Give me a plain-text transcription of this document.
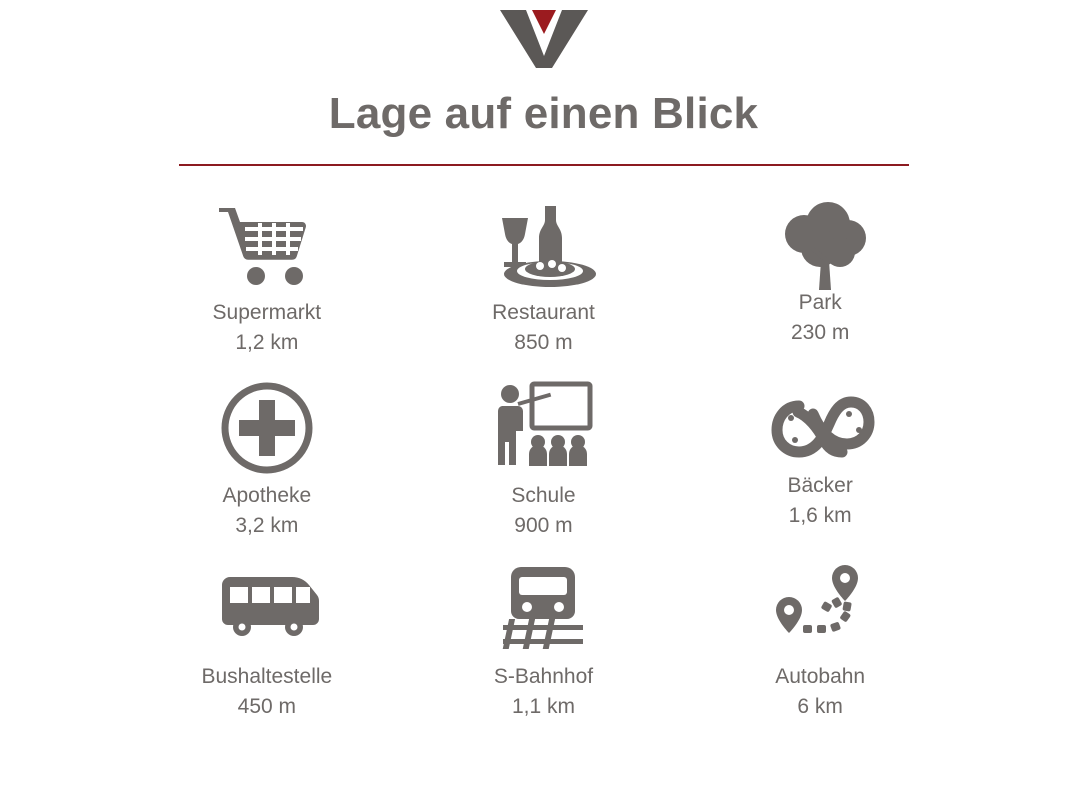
Lage auf einen Blick
Supermarkt
1,2 km
Restaurant
850 m
Park
230 m
Apotheke
3,2 km
Schule
900 m
Bäcker
1,6 km
Bushaltestelle
450 m
S-Bahnhof
1,1 km
Autobahn
6 km
